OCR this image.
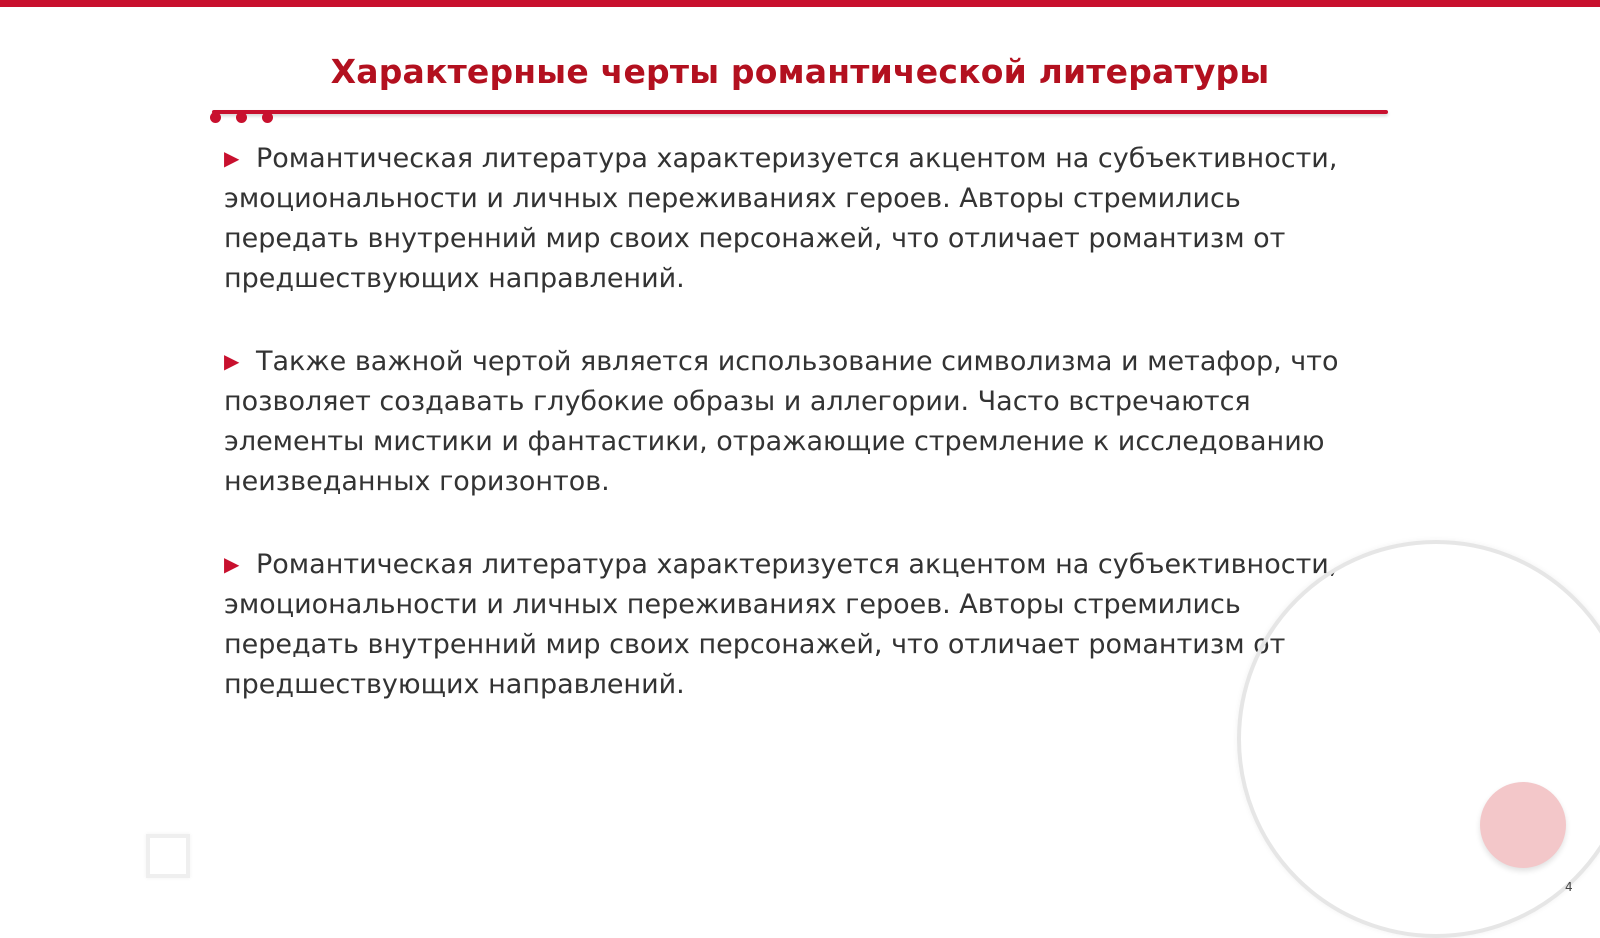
Характерные черты романтической литературы
▶ Романтическая литература характеризуется акцентом на субъективности, эмоциональности и личных переживаниях героев. Авторы стремились передать внутренний мир своих персонажей, что отличает романтизм от предшествующих направлений.
▶ Также важной чертой является использование символизма и метафор, что позволяет создавать глубокие образы и аллегории. Часто встречаются элементы мистики и фантастики, отражающие стремление к исследованию неизведанных горизонтов.
▶ Романтическая литература характеризуется акцентом на субъективности, эмоциональности и личных переживаниях героев. Авторы стремились передать внутренний мир своих персонажей, что отличает романтизм от предшествующих направлений.
4
